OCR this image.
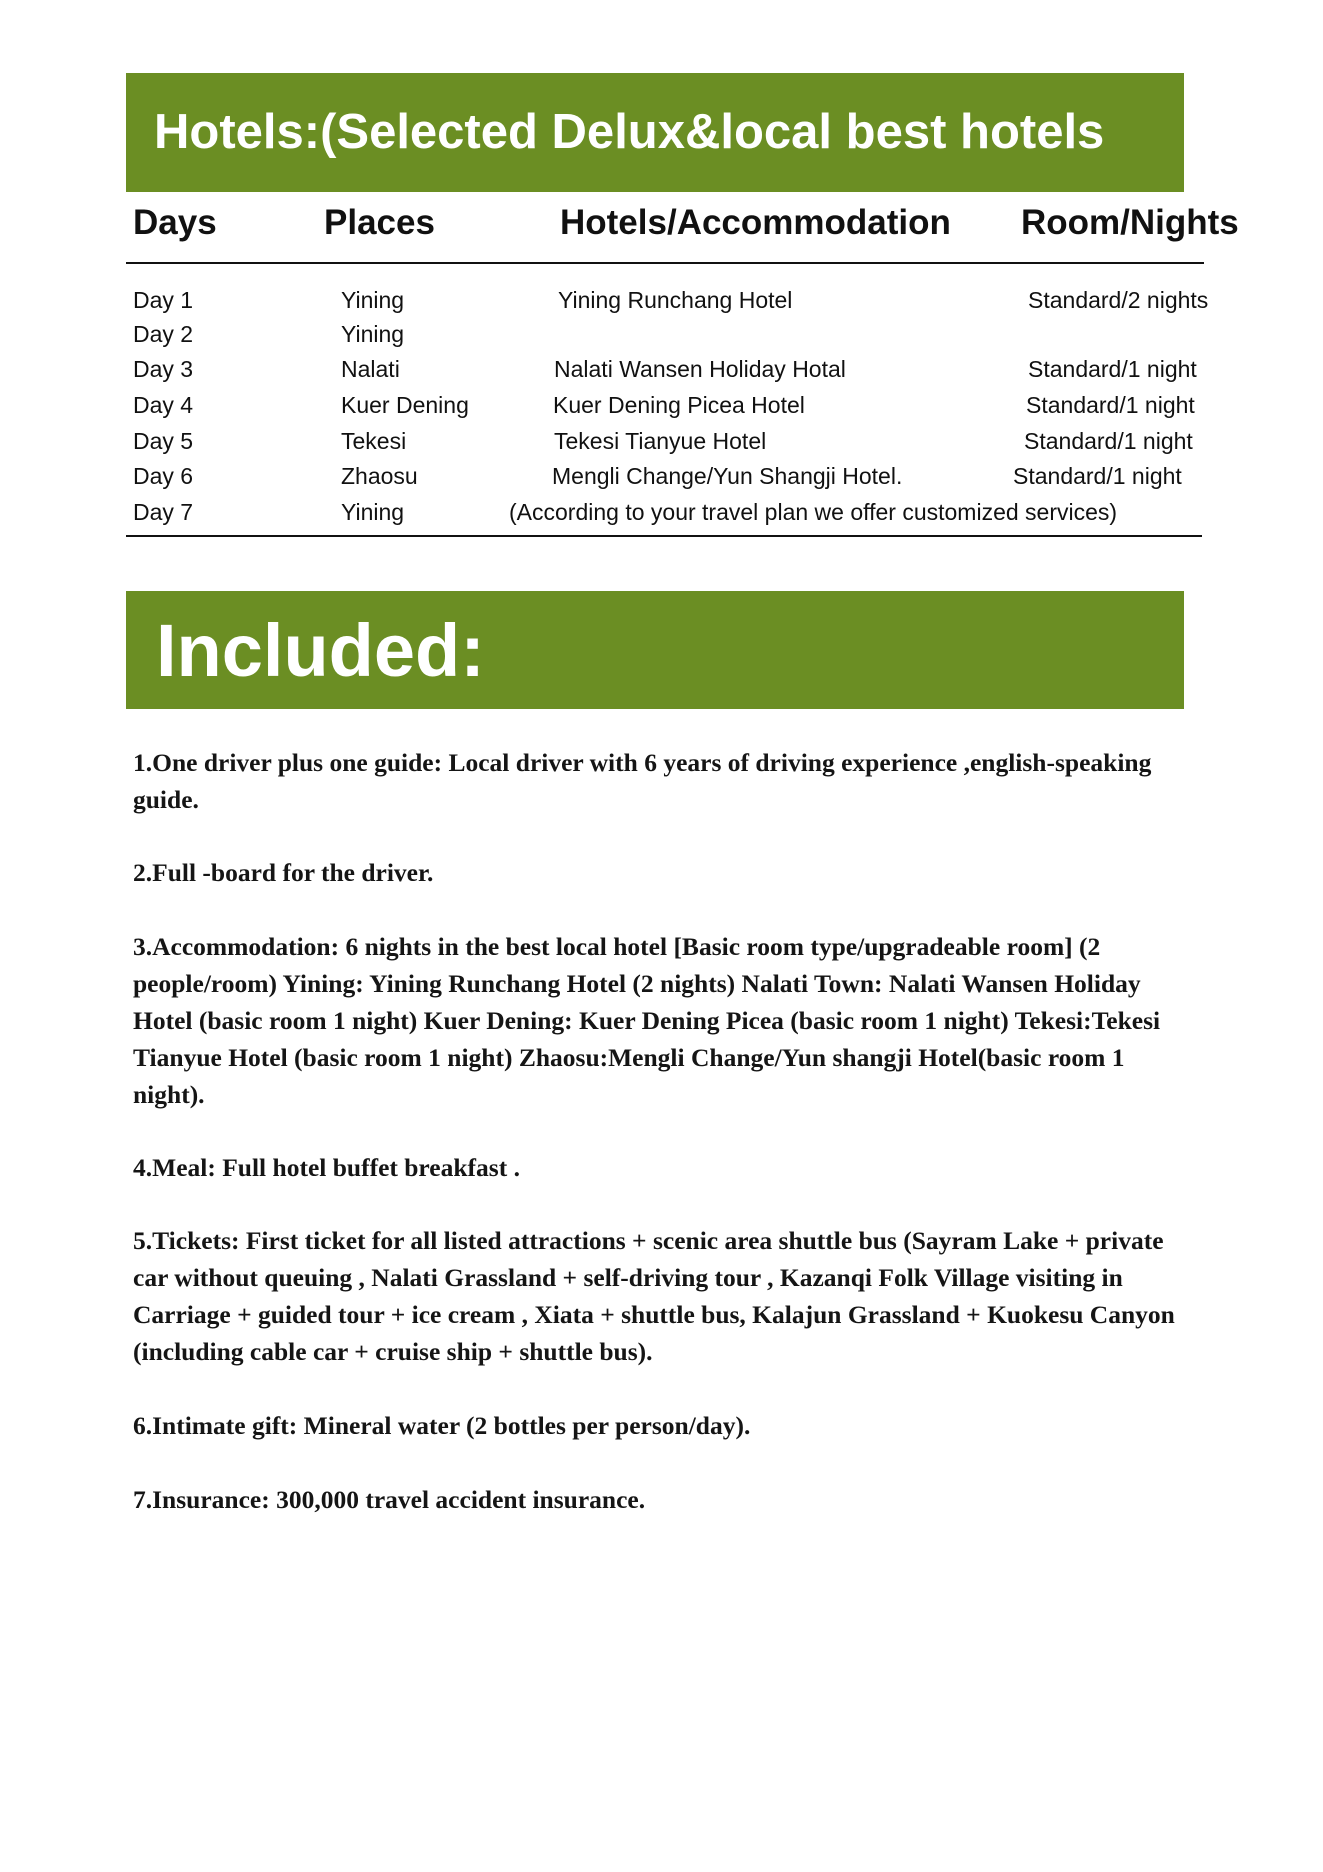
Hotels:(Selected Delux&local best hotels
Days	Places	Hotels/Accommodation Room/Nights
Day 1	Yining	Yining Runchang Hotel	Standard/2 nights
Day 2	Yining
Day 3	Nalati	Nalati Wansen Holiday Hotal	Standard/1 night
Day 4	Kuer Dening	Kuer Dening Picea Hotel	Standard/1 night
Day 5	Tekesi	Tekesi Tianyue Hotel	Standard/1 night
Day 6	Zhaosu	Mengli Change/Yun Shangji Hotel.	Standard/1 night
Day 7	Yining	(According to your travel plan we offer customized services)
Included:
1.One driver plus one guide: Local driver with 6 years of driving experience ,english-speaking guide.
2.Full -board for the driver.
3.Accommodation: 6 nights in the best local hotel [Basic room type/upgradeable room] (2 people/room) Yining: Yining Runchang Hotel (2 nights) Nalati Town: Nalati Wansen Holiday Hotel (basic room 1 night) Kuer Dening: Kuer Dening Picea (basic room 1 night) Tekesi:Tekesi Tianyue Hotel (basic room 1 night) Zhaosu:Mengli Change/Yun shangji Hotel(basic room 1 night).
4.Meal: Full hotel buffet breakfast .
5.Tickets: First ticket for all listed attractions + scenic area shuttle bus (Sayram Lake + private car without queuing , Nalati Grassland + self-driving tour , Kazanqi Folk Village visiting in Carriage + guided tour + ice cream , Xiata + shuttle bus, Kalajun Grassland + Kuokesu Canyon (including cable car + cruise ship + shuttle bus).
6.Intimate gift: Mineral water (2 bottles per person/day).
7.Insurance: 300,000 travel accident insurance.
